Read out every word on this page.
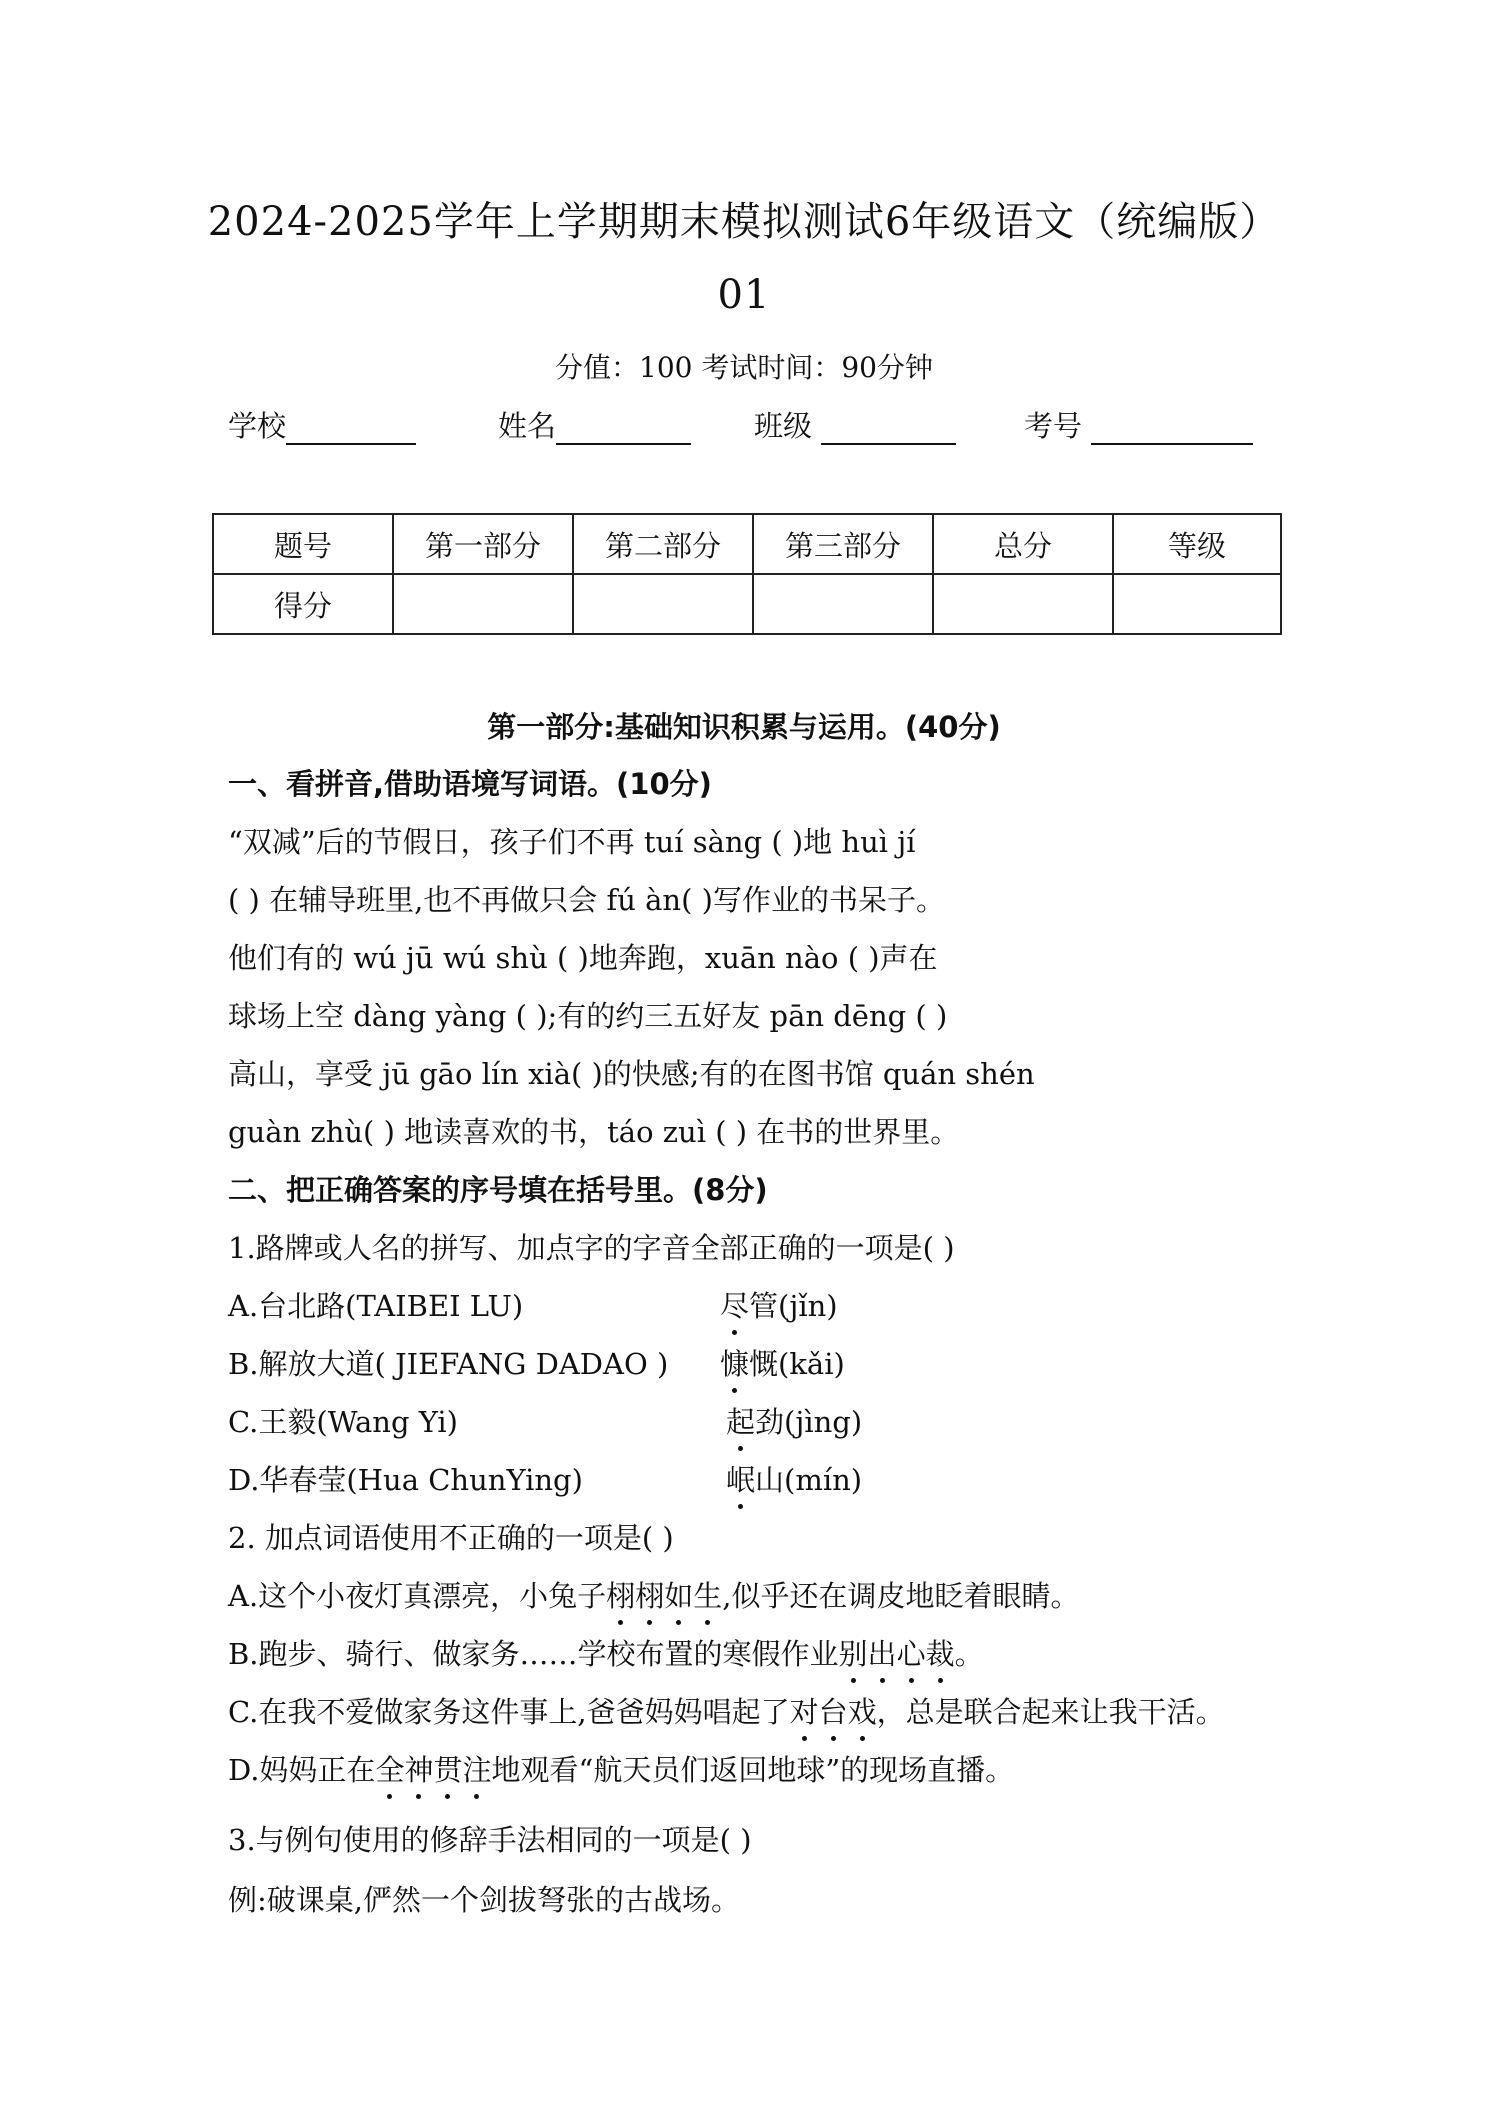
2024-2025学年上学期期末模拟测试6年级语文（统编版）
01
分值：100 考试时间：90分钟
学校	姓名	班级	考号
题号	第一部分	第二部分	第三部分	总分	等级
得分					
第一部分:基础知识积累与运用。(40分)
一、看拼音,借助语境写词语。(10分)
“双减”后的节假日，孩子们不再 tuí sàng ( )地 huì jí
( ) 在辅导班里,也不再做只会 fú àn( )写作业的书呆子。
他们有的 wú jū wú shù ( )地奔跑，xuān nào ( )声在
球场上空 dàng yàng ( );有的约三五好友 pān dēng ( )
高山，享受 jū gāo lín xià( )的快感;有的在图书馆 quán shén
guàn zhù( ) 地读喜欢的书，táo zuì ( ) 在书的世界里。
二、把正确答案的序号填在括号里。(8分)
1.路牌或人名的拼写、加点字的字音全部正确的一项是( )
A.台北路(TAIBEI LU)	尽管(jǐn)
B.解放大道( JIEFANG DADAO ) 慷慨(kǎi)
C.王毅(Wang Yi)	起劲(jìng)
D.华春莹(Hua ChunYing)	岷山(mín)
2. 加点词语使用不正确的一项是( )
A.这个小夜灯真漂亮，小兔子栩栩如生,似乎还在调皮地眨着眼睛。
B.跑步、骑行、做家务……学校布置的寒假作业别出心裁。
C.在我不爱做家务这件事上,爸爸妈妈唱起了对台戏，总是联合起来让我干活。
D.妈妈正在全神贯注地观看“航天员们返回地球”的现场直播。
3.与例句使用的修辞手法相同的一项是( )
例:破课桌,俨然一个剑拔弩张的古战场。
